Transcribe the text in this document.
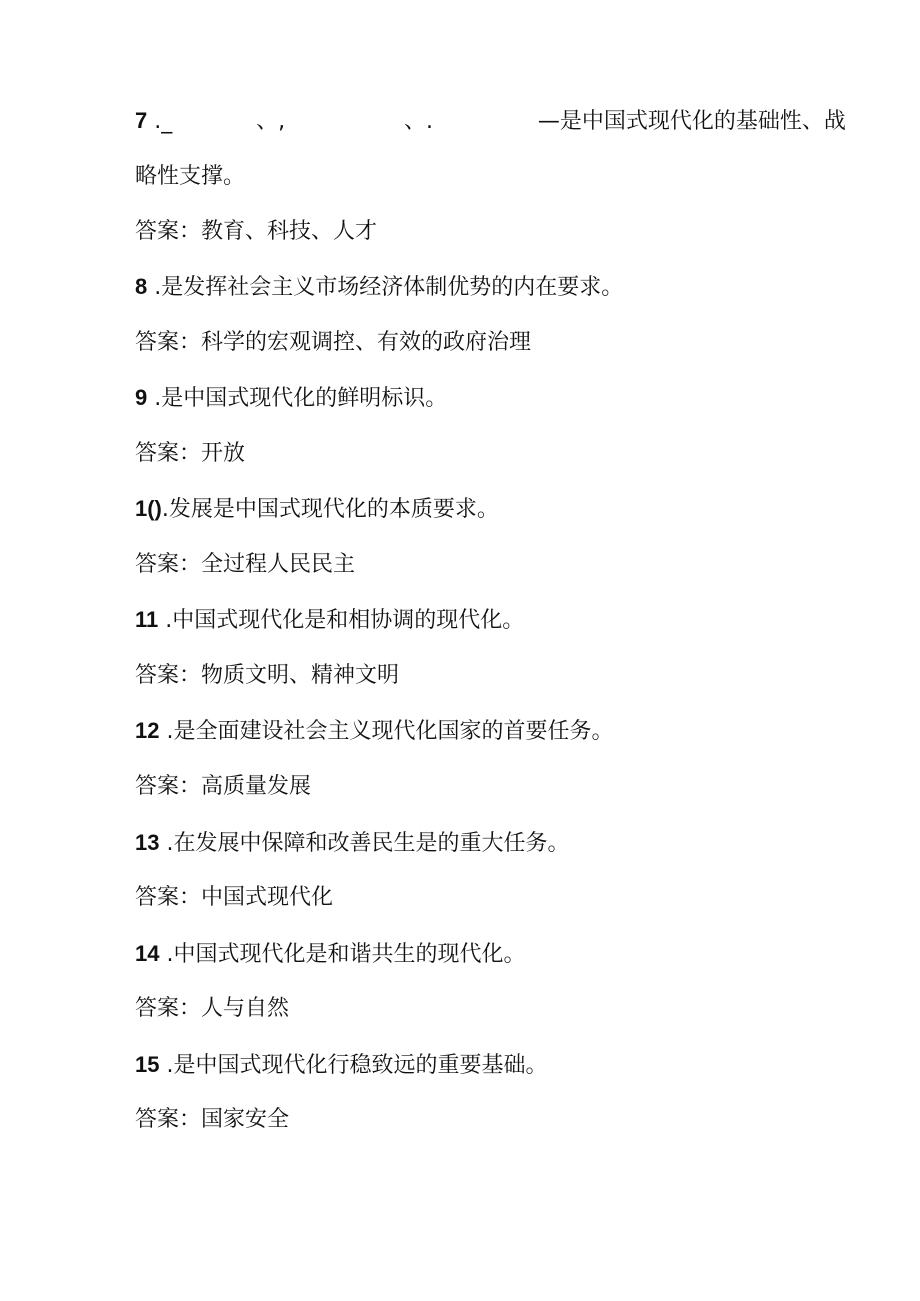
7 ._            、,                 、.               —是中国式现代化的基础性、战
略性支撑。
答案：教育、科技、人才
8 .是发挥社会主义市场经济体制优势的内在要求。
答案：科学的宏观调控、有效的政府治理
9 .是中国式现代化的鲜明标识。
答案：开放
1().发展是中国式现代化的本质要求。
答案：全过程人民民主
11 .中国式现代化是和相协调的现代化。
答案：物质文明、精神文明
12 .是全面建设社会主义现代化国家的首要任务。
答案：高质量发展
13 .在发展中保障和改善民生是的重大任务。
答案：中国式现代化
14 .中国式现代化是和谐共生的现代化。
答案：人与自然
15 .是中国式现代化行稳致远的重要基础。
答案：国家安全
